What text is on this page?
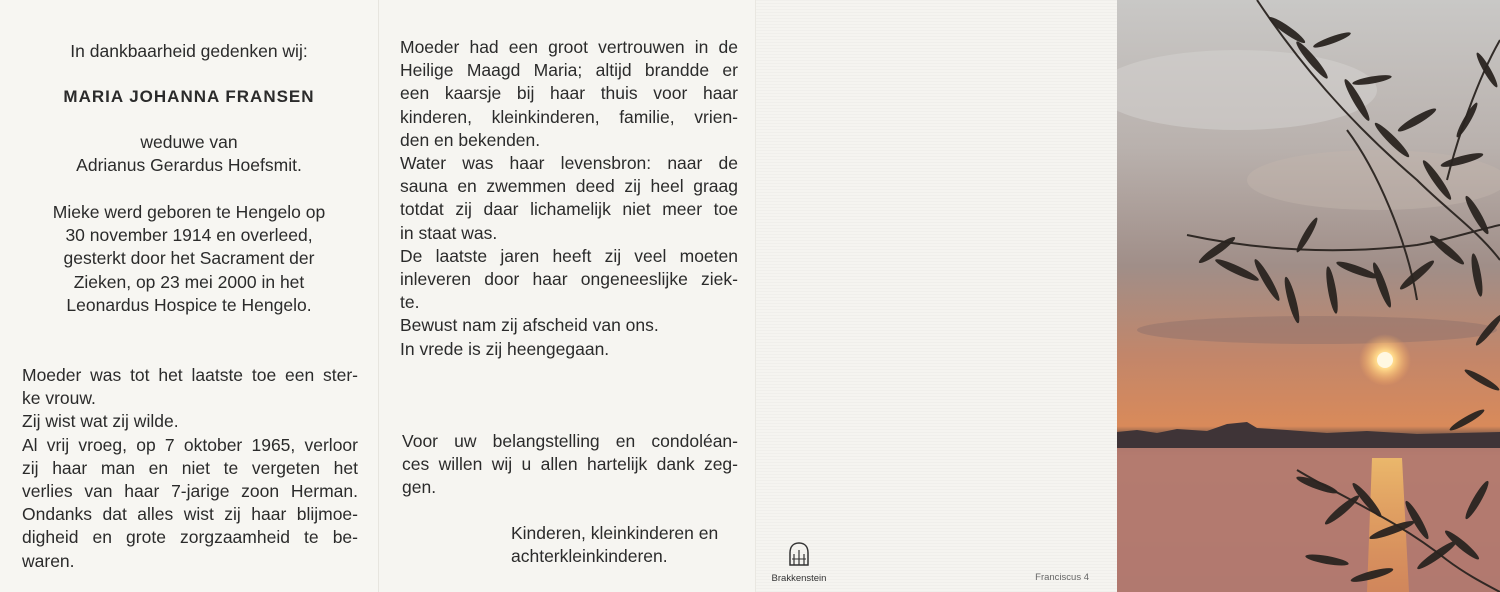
In dankbaarheid gedenken wij:

MARIA JOHANNA FRANSEN

weduwe van
Adrianus Gerardus Hoefsmit.
Mieke werd geboren te Hengelo op
30 november 1914 en overleed,
gesterkt door het Sacrament der
Zieken, op 23 mei 2000 in het
Leonardus Hospice te Hengelo.
Moeder was tot het laatste toe een ster-
ke vrouw.
Zij wist wat zij wilde.
Al vrij vroeg, op 7 oktober 1965, verloor
zij haar man en niet te vergeten het
verlies van haar 7-jarige zoon Herman.
Ondanks dat alles wist zij haar blijmoe-
digheid en grote zorgzaamheid te be-
waren.
Moeder had een groot vertrouwen in de
Heilige Maagd Maria; altijd brandde er
een kaarsje bij haar thuis voor haar
kinderen, kleinkinderen, familie, vrien-
den en bekenden.
Water was haar levensbron: naar de
sauna en zwemmen deed zij heel graag
totdat zij daar lichamelijk niet meer toe
in staat was.
De laatste jaren heeft zij veel moeten
inleveren door haar ongeneeslijke ziek-
te.
Bewust nam zij afscheid van ons.
In vrede is zij heengegaan.
Voor uw belangstelling en condoléan-
ces willen wij u allen hartelijk dank zeg-
gen.
Kinderen, kleinkinderen en
achterkleinkinderen.
Brakkenstein	Franciscus 4
